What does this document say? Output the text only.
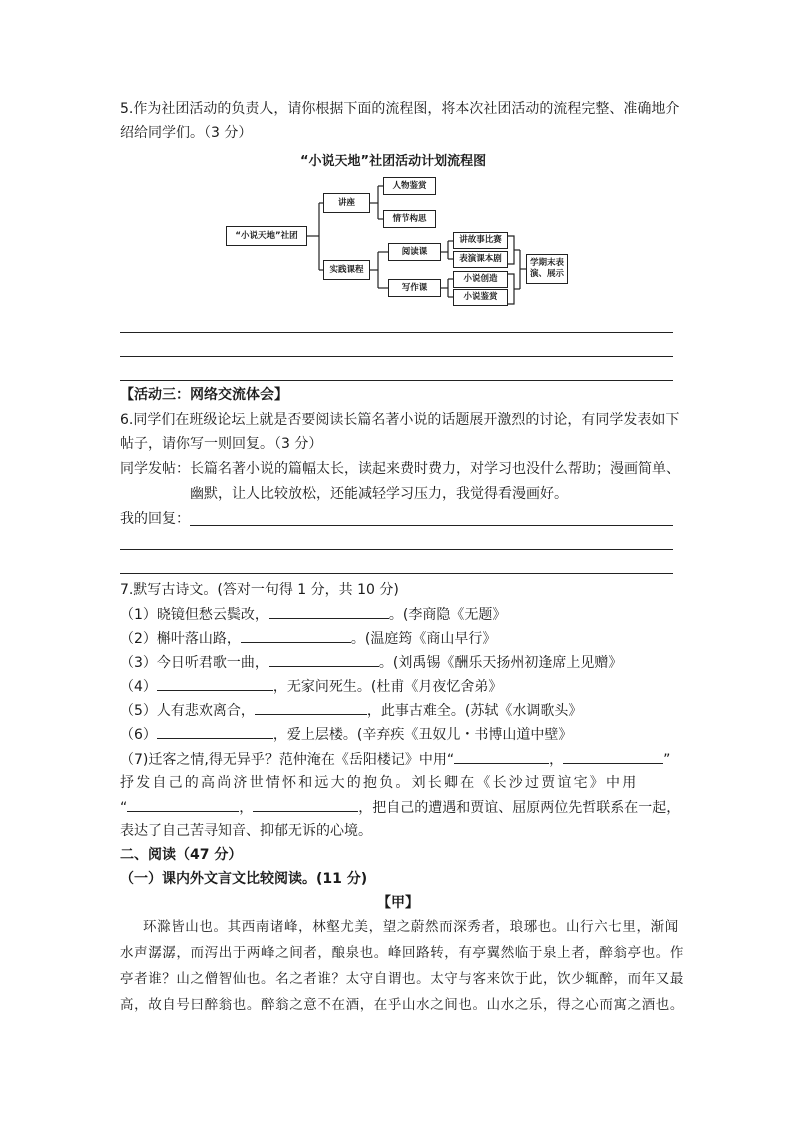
5.作为社团活动的负责人，请你根据下面的流程图，将本次社团活动的流程完整、准确地介
绍给同学们。（3 分）
“小说天地”社团活动计划流程图
“小说天地”社团
讲座
人物鉴赏
情节构思
实践课程
阅读课
写作课
讲故事比赛
表演课本剧
小说创造
小说鉴赏
学期末表演、展示
【活动三：网络交流体会】
6.同学们在班级论坛上就是否要阅读长篇名著小说的话题展开激烈的讨论，有同学发表如下
帖子，请你写一则回复。（3 分）
同学发帖： 长篇名著小说的篇幅太长，读起来费时费力，对学习也没什么帮助；漫画简单、
幽默，让人比较放松，还能减轻学习压力，我觉得看漫画好。
我的回复：
7.默写古诗文。(答对一句得 1 分，共 10 分)
（1）晓镜但愁云鬓改，	。(李商隐《无题》
（2）槲叶落山路，	。(温庭筠《商山早行》
（3）今日听君歌一曲，	。(刘禹锡《酬乐天扬州初逢席上见赠》
（4）	，无家问死生。(杜甫《月夜忆舍弟》
（5）人有悲欢离合，	，此事古难全。(苏轼《水调歌头》
（6）	，爱上层楼。(辛弃疾《丑奴儿・书博山道中壁》
（7)迁客之情,得无异乎？范仲淹在《岳阳楼记》中用“	，	”
抒发自己的高尚济世情怀和远大的抱负。刘长卿在《长沙过贾谊宅》中用
“	，	，把自己的遭遇和贾谊、屈原两位先哲联系在一起，
表达了自己苦寻知音、抑郁无诉的心境。
二、阅读（47 分）
（一）课内外文言文比较阅读。(11 分)
【甲】
环滁皆山也。其西南诸峰，林壑尤美，望之蔚然而深秀者，琅琊也。山行六七里，渐闻
水声潺潺，而泻出于两峰之间者，酿泉也。峰回路转，有亭翼然临于泉上者，醉翁亭也。作
亭者谁？山之僧智仙也。名之者谁？太守自谓也。太守与客来饮于此，饮少辄醉，而年又最
高，故自号曰醉翁也。醉翁之意不在酒，在乎山水之间也。山水之乐，得之心而寓之酒也。
